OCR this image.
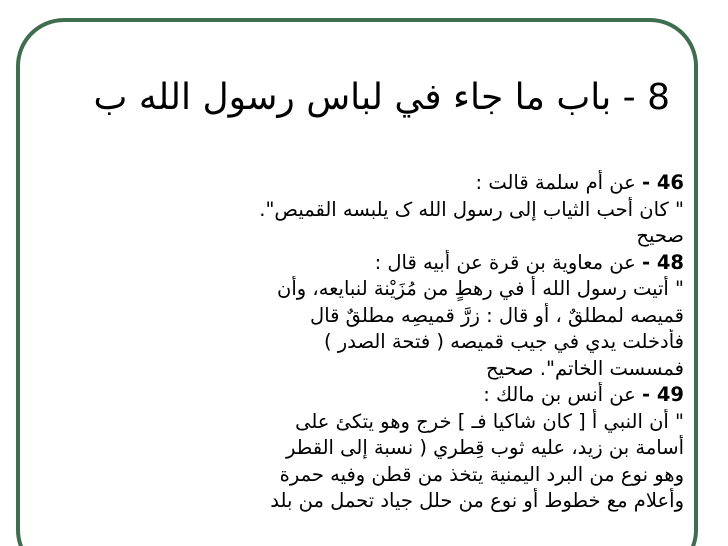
8 - باب ما جاء في لباس رسول الله ب
46 - عن أم سلمة قالت :
" كان أحب الثياب إلى رسول الله ک يلبسه القميص".
صحيح
48 - عن معاوية بن قرة عن أبيه قال :
" أتيت رسول الله أ في رهطٍ من مُزَيْنة لنبايعه، وأن
قميصه لمطلقٌ ، أو قال : زرَّ قميصِه مطلقٌ قال
فأدخلت يدي في جيب قميصه ( فتحة الصدر )
فمسست الخاتم". صحيح
49 - عن أنس بن مالك :
" أن النبي أ [ كان شاكيا فـ ] خرج وهو يتكئ على
أسامة بن زيد، عليه ثوب قِطري ( نسبة إلى القطر
وهو نوع من البرد اليمنية يتخذ من قطن وفيه حمرة
وأعلام مع خطوط أو نوع من حلل جياد تحمل من بلد
